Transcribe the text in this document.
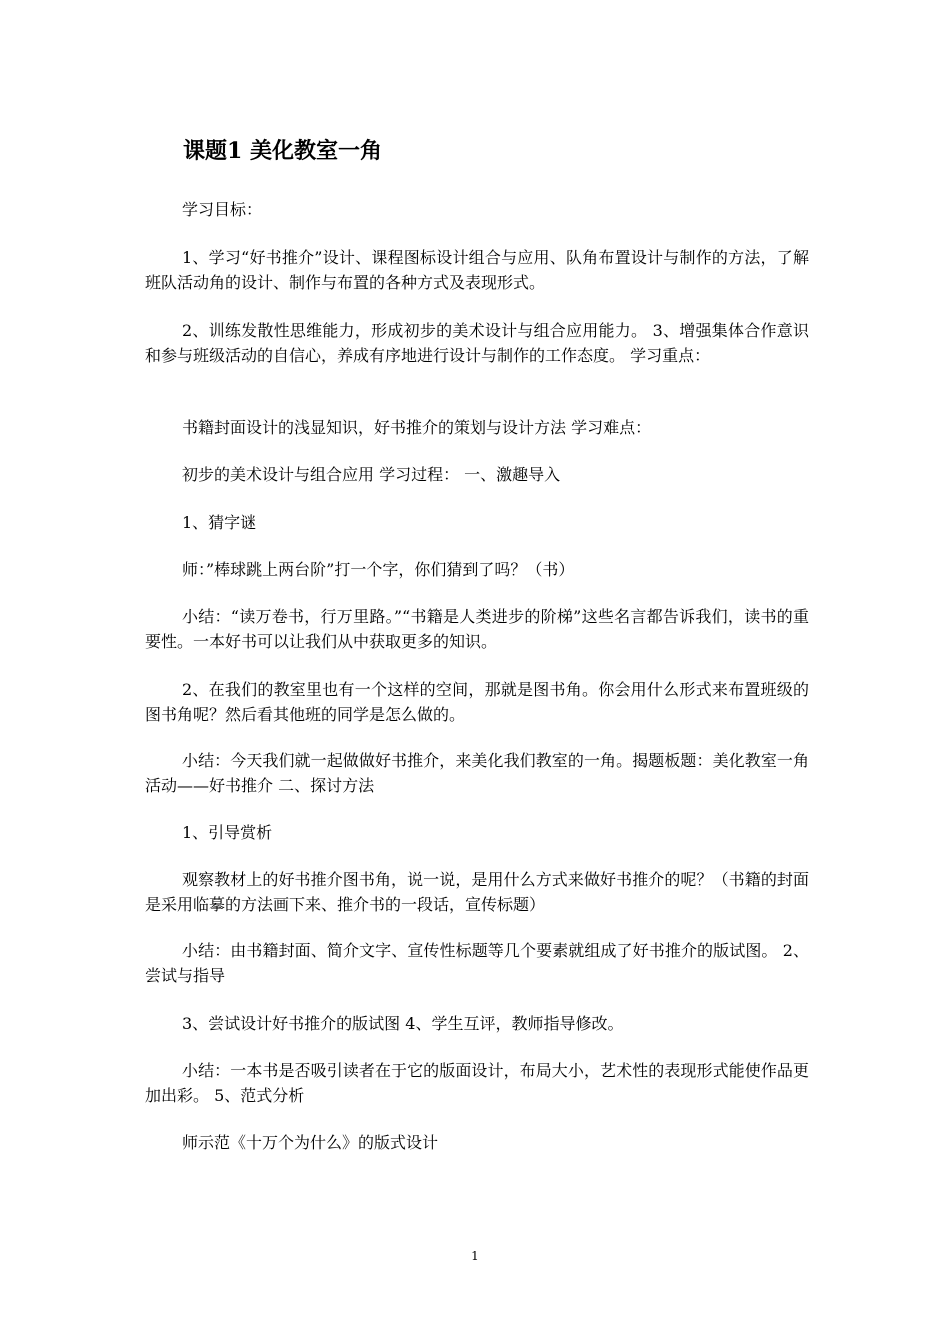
课题1 美化教室一角

学习目标：

1、学习“好书推介”设计、课程图标设计组合与应用、队角布置设计与制作的方法，了解班队活动角的设计、制作与布置的各种方式及表现形式。

2、训练发散性思维能力，形成初步的美术设计与组合应用能力。 3、增强集体合作意识和参与班级活动的自信心，养成有序地进行设计与制作的工作态度。 学习重点：

书籍封面设计的浅显知识，好书推介的策划与设计方法 学习难点：

初步的美术设计与组合应用 学习过程： 一、激趣导入

1、猜字谜

师：”棒球跳上两台阶”打一个字，你们猜到了吗？（书）

小结：“读万卷书，行万里路。”“书籍是人类进步的阶梯”这些名言都告诉我们，读书的重要性。一本好书可以让我们从中获取更多的知识。

2、在我们的教室里也有一个这样的空间，那就是图书角。你会用什么形式来布置班级的图书角呢？然后看其他班的同学是怎么做的。

小结：今天我们就一起做做好书推介，来美化我们教室的一角。揭题板题：美化教室一角活动——好书推介 二、探讨方法

1、引导赏析

观察教材上的好书推介图书角，说一说，是用什么方式来做好书推介的呢？（书籍的封面是采用临摹的方法画下来、推介书的一段话，宣传标题）

小结：由书籍封面、简介文字、宣传性标题等几个要素就组成了好书推介的版试图。 2、尝试与指导

3、尝试设计好书推介的版试图 4、学生互评，教师指导修改。

小结：一本书是否吸引读者在于它的版面设计，布局大小，艺术性的表现形式能使作品更加出彩。 5、范式分析

师示范《十万个为什么》的版式设计

1
